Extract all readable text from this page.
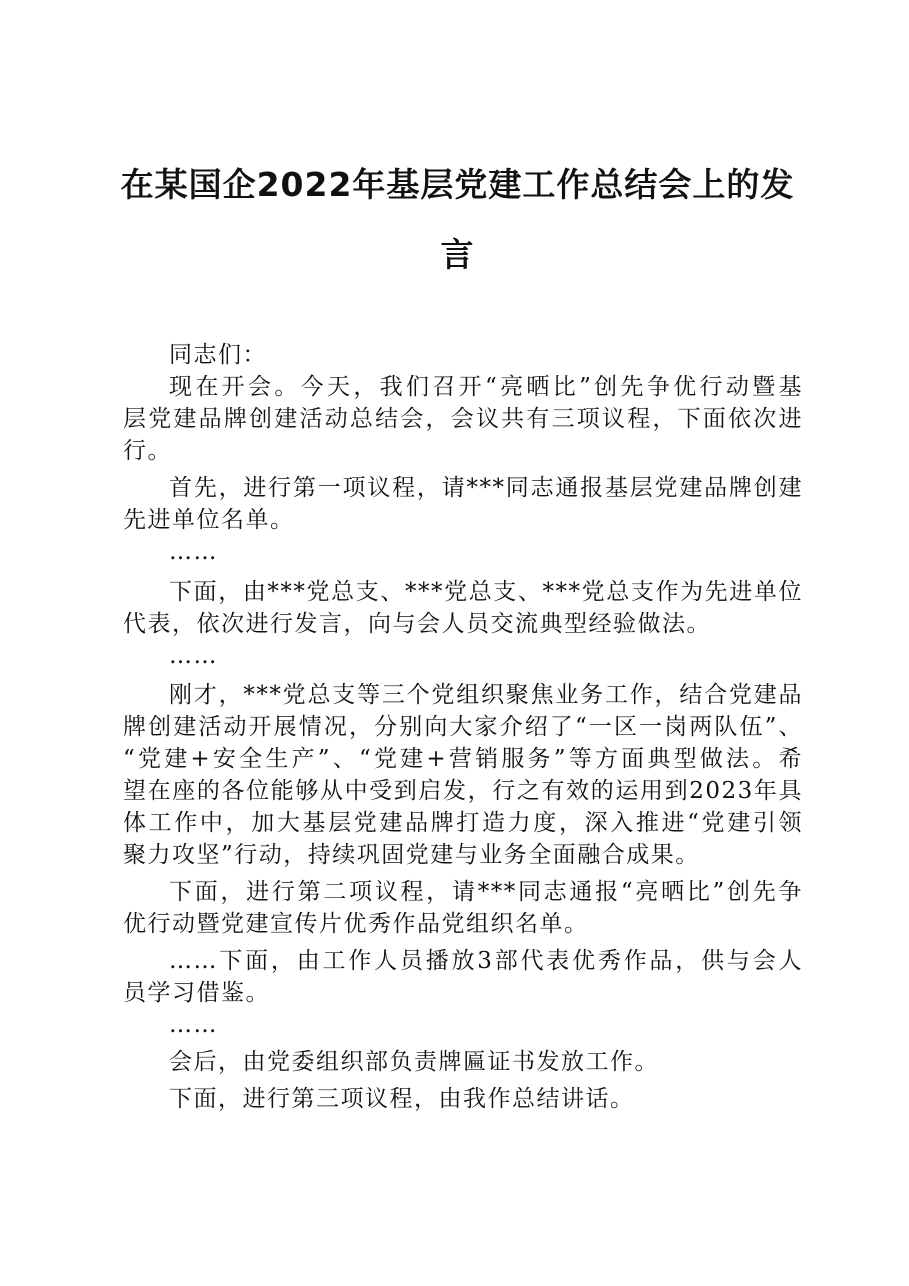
在某国企2022年基层党建工作总结会上的发
言
同志们：
现在开会。今天，我们召开“亮晒比”创先争优行动暨基
层党建品牌创建活动总结会，会议共有三项议程，下面依次进
行。
首先，进行第一项议程，请***同志通报基层党建品牌创建
先进单位名单。
……
下面，由***党总支、***党总支、***党总支作为先进单位
代表，依次进行发言，向与会人员交流典型经验做法。
……
刚才，***党总支等三个党组织聚焦业务工作，结合党建品
牌创建活动开展情况，分别向大家介绍了“一区一岗两队伍”、
“党建+安全生产”、“党建+营销服务”等方面典型做法。希
望在座的各位能够从中受到启发，行之有效的运用到2023年具
体工作中，加大基层党建品牌打造力度，深入推进“党建引领
聚力攻坚”行动，持续巩固党建与业务全面融合成果。
下面，进行第二项议程，请***同志通报“亮晒比”创先争
优行动暨党建宣传片优秀作品党组织名单。
……下面，由工作人员播放3部代表优秀作品，供与会人
员学习借鉴。
……
会后，由党委组织部负责牌匾证书发放工作。
下面，进行第三项议程，由我作总结讲话。
